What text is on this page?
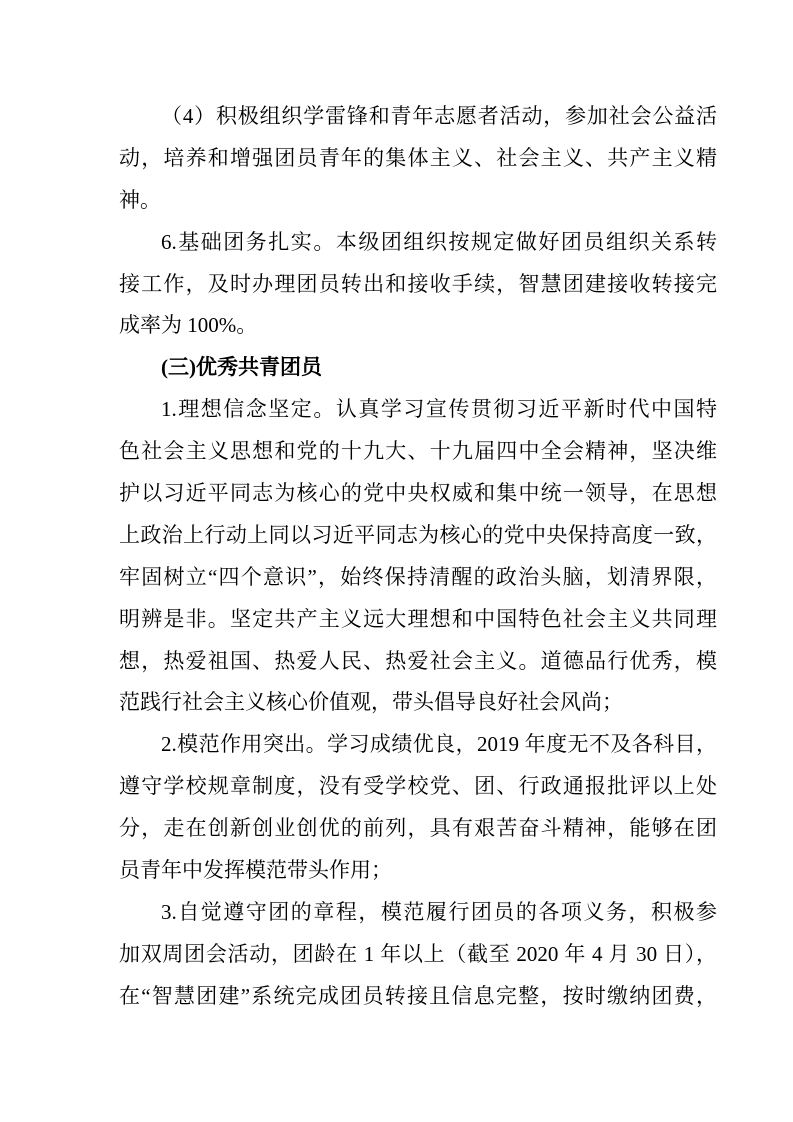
（4）积极组织学雷锋和青年志愿者活动，参加社会公益活
动，培养和增强团员青年的集体主义、社会主义、共产主义精
神。
6.基础团务扎实。本级团组织按规定做好团员组织关系转
接工作，及时办理团员转出和接收手续，智慧团建接收转接完
成率为 100%。
(三)优秀共青团员
1.理想信念坚定。认真学习宣传贯彻习近平新时代中国特
色社会主义思想和党的十九大、十九届四中全会精神，坚决维
护以习近平同志为核心的党中央权威和集中统一领导，在思想
上政治上行动上同以习近平同志为核心的党中央保持高度一致，
牢固树立“四个意识”，始终保持清醒的政治头脑，划清界限，
明辨是非。坚定共产主义远大理想和中国特色社会主义共同理
想，热爱祖国、热爱人民、热爱社会主义。道德品行优秀，模
范践行社会主义核心价值观，带头倡导良好社会风尚；
2.模范作用突出。学习成绩优良，2019 年度无不及各科目，
遵守学校规章制度，没有受学校党、团、行政通报批评以上处
分，走在创新创业创优的前列，具有艰苦奋斗精神，能够在团
员青年中发挥模范带头作用；
3.自觉遵守团的章程，模范履行团员的各项义务，积极参
加双周团会活动，团龄在 1 年以上（截至 2020 年 4 月 30 日），
在“智慧团建”系统完成团员转接且信息完整，按时缴纳团费，
